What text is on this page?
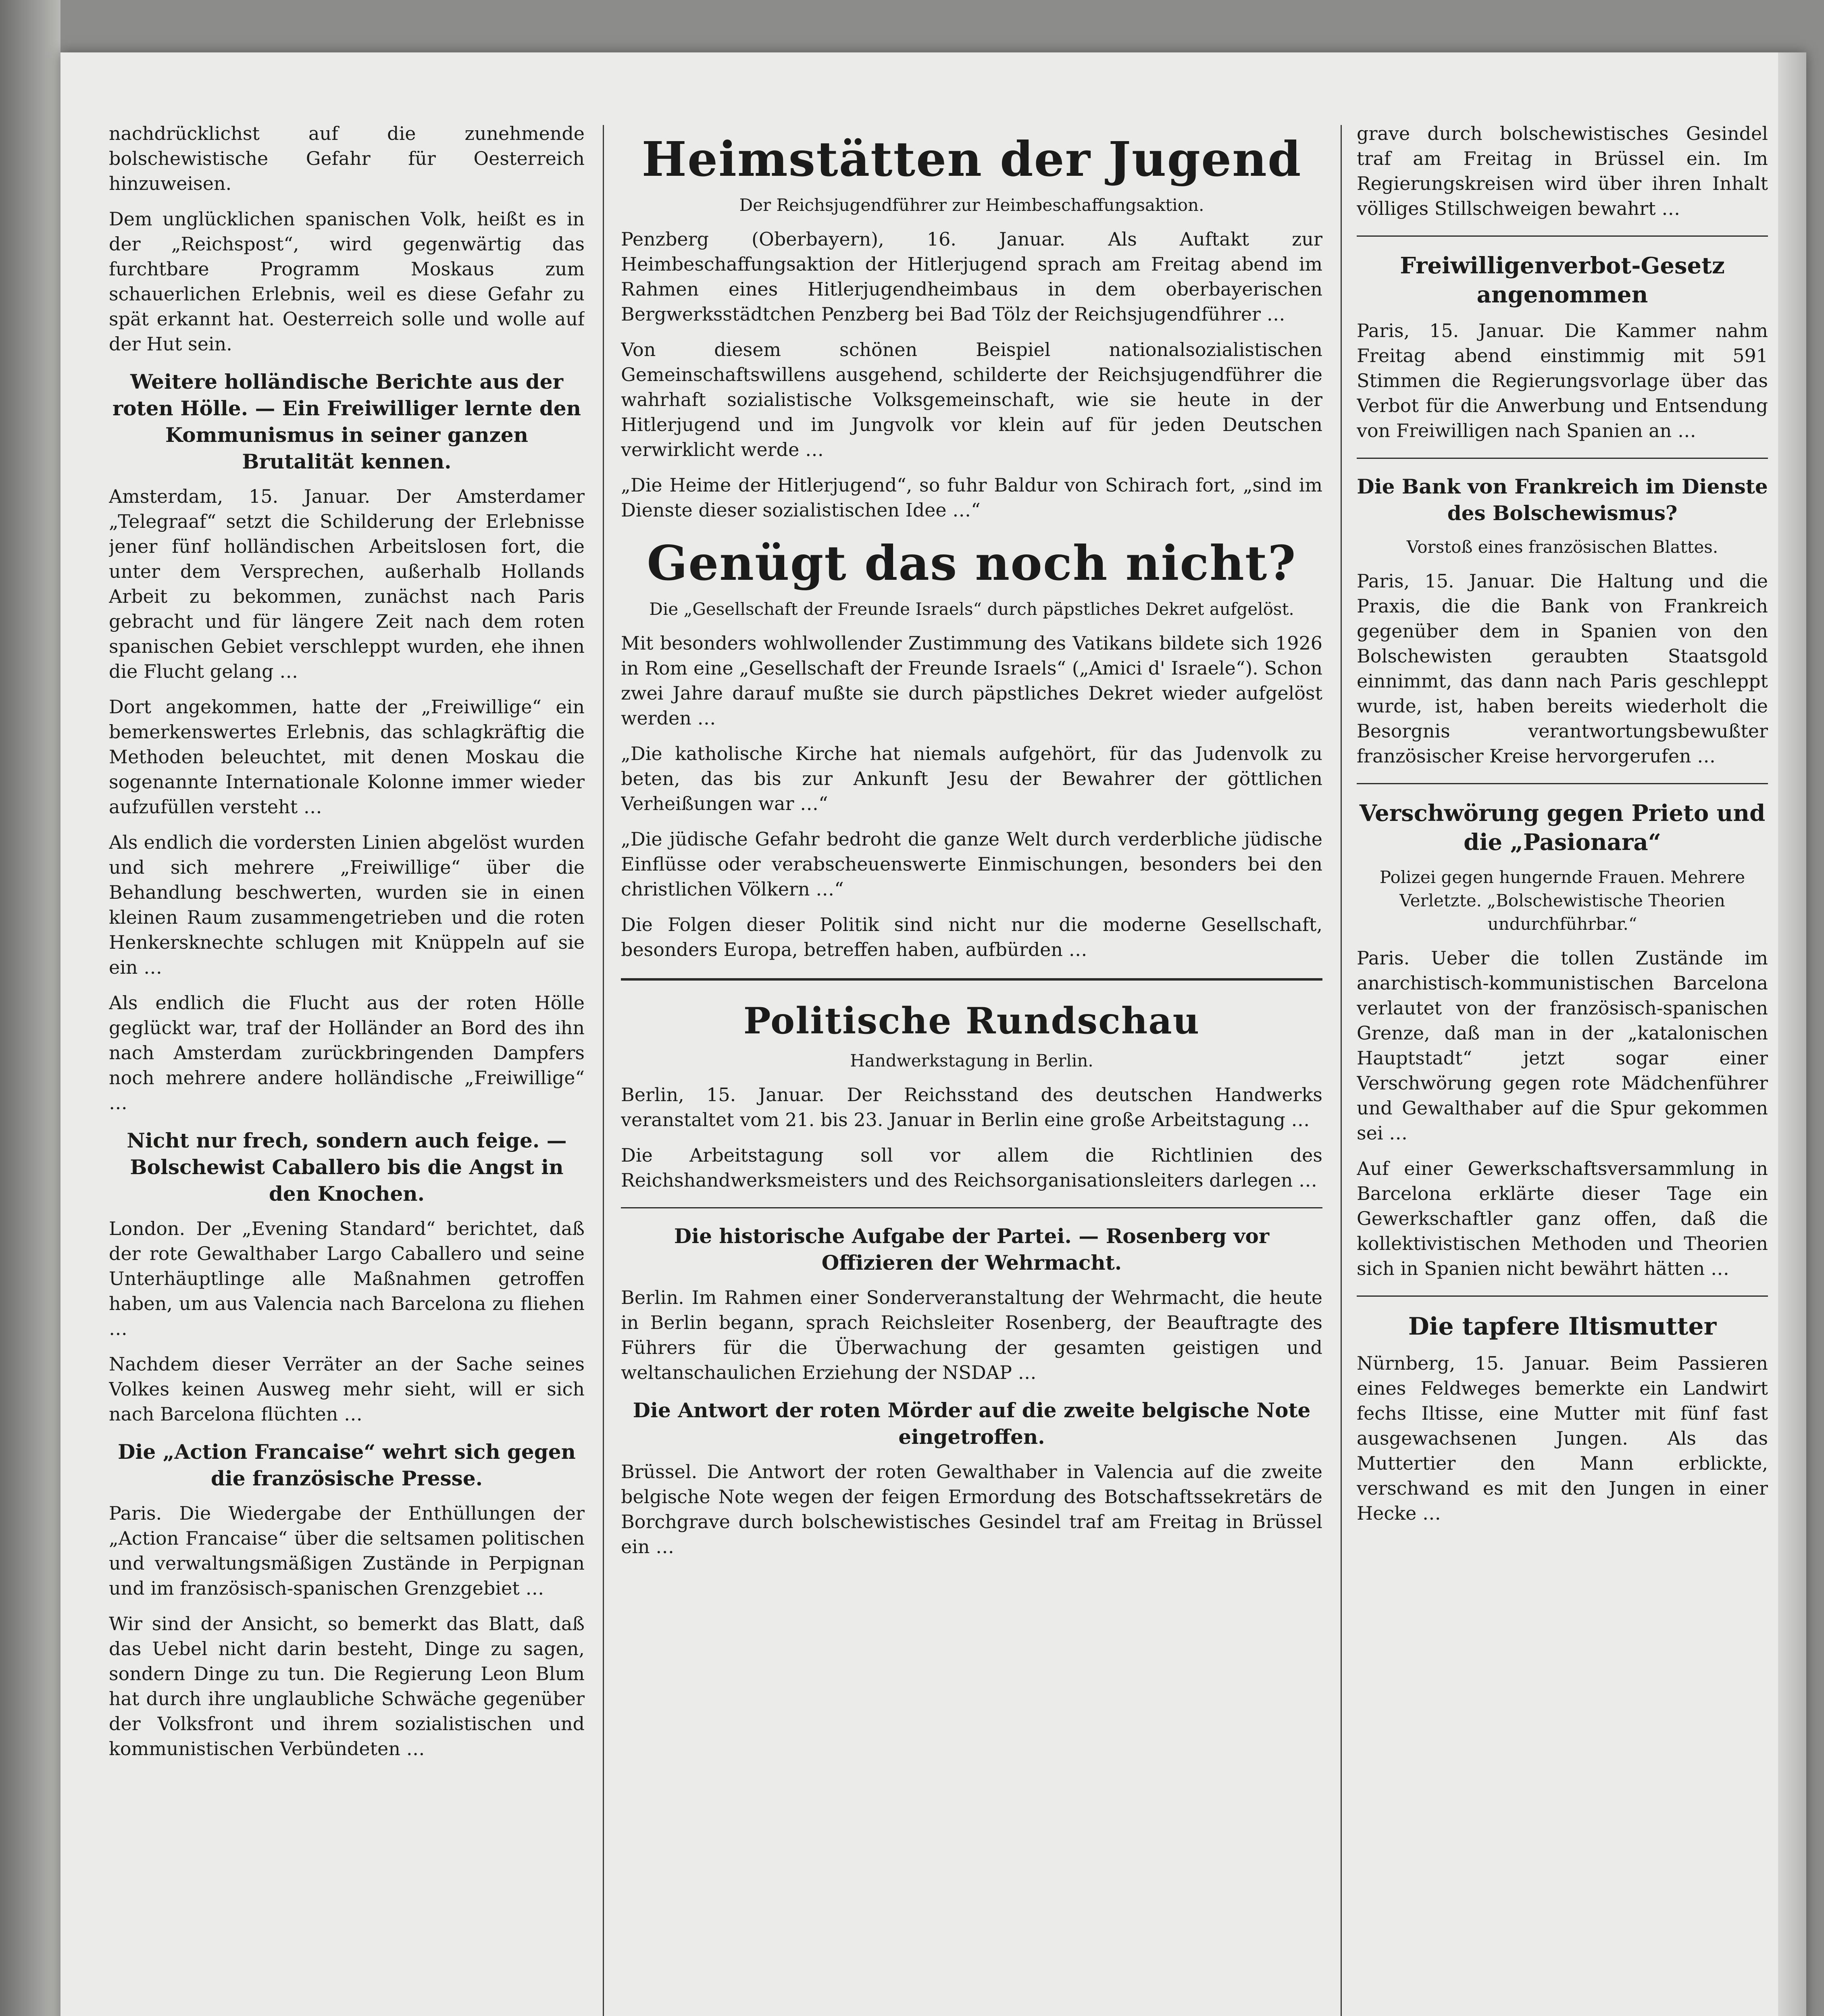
nachdrücklichst auf die zunehmende bolschewistische Gefahr für Oesterreich hinzuweisen.

Dem unglücklichen spanischen Volk, heißt es in der „Reichspost“, wird gegenwärtig das furchtbare Programm Moskaus zum schauerlichen Erlebnis, weil es diese Gefahr zu spät erkannt hat. Oesterreich solle und wolle auf der Hut sein.

Weitere holländische Berichte aus der roten Hölle. — Ein Freiwilliger lernte den Kommunismus in seiner ganzen Brutalität kennen.

Amsterdam, 15. Januar. Der Amsterdamer „Telegraaf“ setzt die Schilderung der Erlebnisse jener fünf holländischen Arbeitslosen fort, die unter dem Versprechen, außerhalb Hollands Arbeit zu bekommen, zunächst nach Paris gebracht und für längere Zeit nach dem roten spanischen Gebiet verschleppt wurden, ehe ihnen die Flucht gelang …

Dort angekommen, hatte der „Freiwillige“ ein bemerkenswertes Erlebnis, das schlagkräftig die Methoden beleuchtet, mit denen Moskau die sogenannte Internationale Kolonne immer wieder aufzufüllen versteht …

Als endlich die vordersten Linien abgelöst wurden und sich mehrere „Freiwillige“ über die Behandlung beschwerten, wurden sie in einen kleinen Raum zusammengetrieben und die roten Henkersknechte schlugen mit Knüppeln auf sie ein …

Als endlich die Flucht aus der roten Hölle geglückt war, traf der Holländer an Bord des ihn nach Amsterdam zurückbringenden Dampfers noch mehrere andere holländische „Freiwillige“ …

Nicht nur frech, sondern auch feige. — Bolschewist Caballero bis die Angst in den Knochen.

London. Der „Evening Standard“ berichtet, daß der rote Gewalthaber Largo Caballero und seine Unterhäuptlinge alle Maßnahmen getroffen haben, um aus Valencia nach Barcelona zu fliehen …

Nachdem dieser Verräter an der Sache seines Volkes keinen Ausweg mehr sieht, will er sich nach Barcelona flüchten …

Die „Action Francaise“ wehrt sich gegen die französische Presse.

Paris. Die Wiedergabe der Enthüllungen der „Action Francaise“ über die seltsamen politischen und verwaltungsmäßigen Zustände in Perpignan und im französisch-spanischen Grenzgebiet …

Wir sind der Ansicht, so bemerkt das Blatt, daß das Uebel nicht darin besteht, Dinge zu sagen, sondern Dinge zu tun. Die Regierung Leon Blum hat durch ihre unglaubliche Schwäche gegenüber der Volksfront und ihrem sozialistischen und kommunistischen Verbündeten …

Heimstätten der Jugend
Der Reichsjugendführer zur Heimbeschaffungsaktion.

Penzberg (Oberbayern), 16. Januar. Als Auftakt zur Heimbeschaffungsaktion der Hitlerjugend sprach am Freitag abend im Rahmen eines Hitlerjugendheimbaus in dem oberbayerischen Bergwerksstädtchen Penzberg bei Bad Tölz der Reichsjugendführer …

Von diesem schönen Beispiel nationalsozialistischen Gemeinschaftswillens ausgehend, schilderte der Reichsjugendführer die wahrhaft sozialistische Volksgemeinschaft, wie sie heute in der Hitlerjugend und im Jungvolk vor klein auf für jeden Deutschen verwirklicht werde …

„Die Heime der Hitlerjugend“, so fuhr Baldur von Schirach fort, „sind im Dienste dieser sozialistischen Idee …“

Genügt das noch nicht?
Die „Gesellschaft der Freunde Israels“ durch päpstliches Dekret aufgelöst.

Mit besonders wohlwollender Zustimmung des Vatikans bildete sich 1926 in Rom eine „Gesellschaft der Freunde Israels“ („Amici d' Israele“). Schon zwei Jahre darauf mußte sie durch päpstliches Dekret wieder aufgelöst werden …

„Die katholische Kirche hat niemals aufgehört, für das Judenvolk zu beten, das bis zur Ankunft Jesu der Bewahrer der göttlichen Verheißungen war …“

„Die jüdische Gefahr bedroht die ganze Welt durch verderbliche jüdische Einflüsse oder verabscheuenswerte Einmischungen, besonders bei den christlichen Völkern …“

Die Folgen dieser Politik sind nicht nur die moderne Gesellschaft, besonders Europa, betreffen haben, aufbürden …

Politische Rundschau
Handwerkstagung in Berlin.

Berlin, 15. Januar. Der Reichsstand des deutschen Handwerks veranstaltet vom 21. bis 23. Januar in Berlin eine große Arbeitstagung …

Die Arbeitstagung soll vor allem die Richtlinien des Reichshandwerksmeisters und des Reichsorganisationsleiters darlegen …

Die historische Aufgabe der Partei. — Rosenberg vor Offizieren der Wehrmacht.

Berlin. Im Rahmen einer Sonderveranstaltung der Wehrmacht, die heute in Berlin begann, sprach Reichsleiter Rosenberg, der Beauftragte des Führers für die Überwachung der gesamten geistigen und weltanschaulichen Erziehung der NSDAP …

Die Antwort der roten Mörder auf die zweite belgische Note eingetroffen.

Brüssel. Die Antwort der roten Gewalthaber in Valencia auf die zweite belgische Note wegen der feigen Ermordung des Botschaftssekretärs de Borchgrave durch bolschewistisches Gesindel traf am Freitag in Brüssel ein …

grave durch bolschewistisches Gesindel traf am Freitag in Brüssel ein. Im Regierungskreisen wird über ihren Inhalt völliges Stillschweigen bewahrt …

Freiwilligenverbot-Gesetz angenommen

Paris, 15. Januar. Die Kammer nahm Freitag abend einstimmig mit 591 Stimmen die Regierungsvorlage über das Verbot für die Anwerbung und Entsendung von Freiwilligen nach Spanien an …

Die Bank von Frankreich im Dienste des Bolschewismus?
Vorstoß eines französischen Blattes.

Paris, 15. Januar. Die Haltung und die Praxis, die die Bank von Frankreich gegenüber dem in Spanien von den Bolschewisten geraubten Staatsgold einnimmt, das dann nach Paris geschleppt wurde, ist, haben bereits wiederholt die Besorgnis verantwortungsbewußter französischer Kreise hervorgerufen …

Verschwörung gegen Prieto und die „Pasionara“
Polizei gegen hungernde Frauen. Mehrere Verletzte. „Bolschewistische Theorien undurchführbar.“

Paris. Ueber die tollen Zustände im anarchistisch-kommunistischen Barcelona verlautet von der französisch-spanischen Grenze, daß man in der „katalonischen Hauptstadt“ jetzt sogar einer Verschwörung gegen rote Mädchenführer und Gewalthaber auf die Spur gekommen sei …

Auf einer Gewerkschaftsversammlung in Barcelona erklärte dieser Tage ein Gewerkschaftler ganz offen, daß die kollektivistischen Methoden und Theorien sich in Spanien nicht bewährt hätten …

Die tapfere Iltismutter

Nürnberg, 15. Januar. Beim Passieren eines Feldweges bemerkte ein Landwirt fechs Iltisse, eine Mutter mit fünf fast ausgewachsenen Jungen. Als das Muttertier den Mann erblickte, verschwand es mit den Jungen in einer Hecke …
